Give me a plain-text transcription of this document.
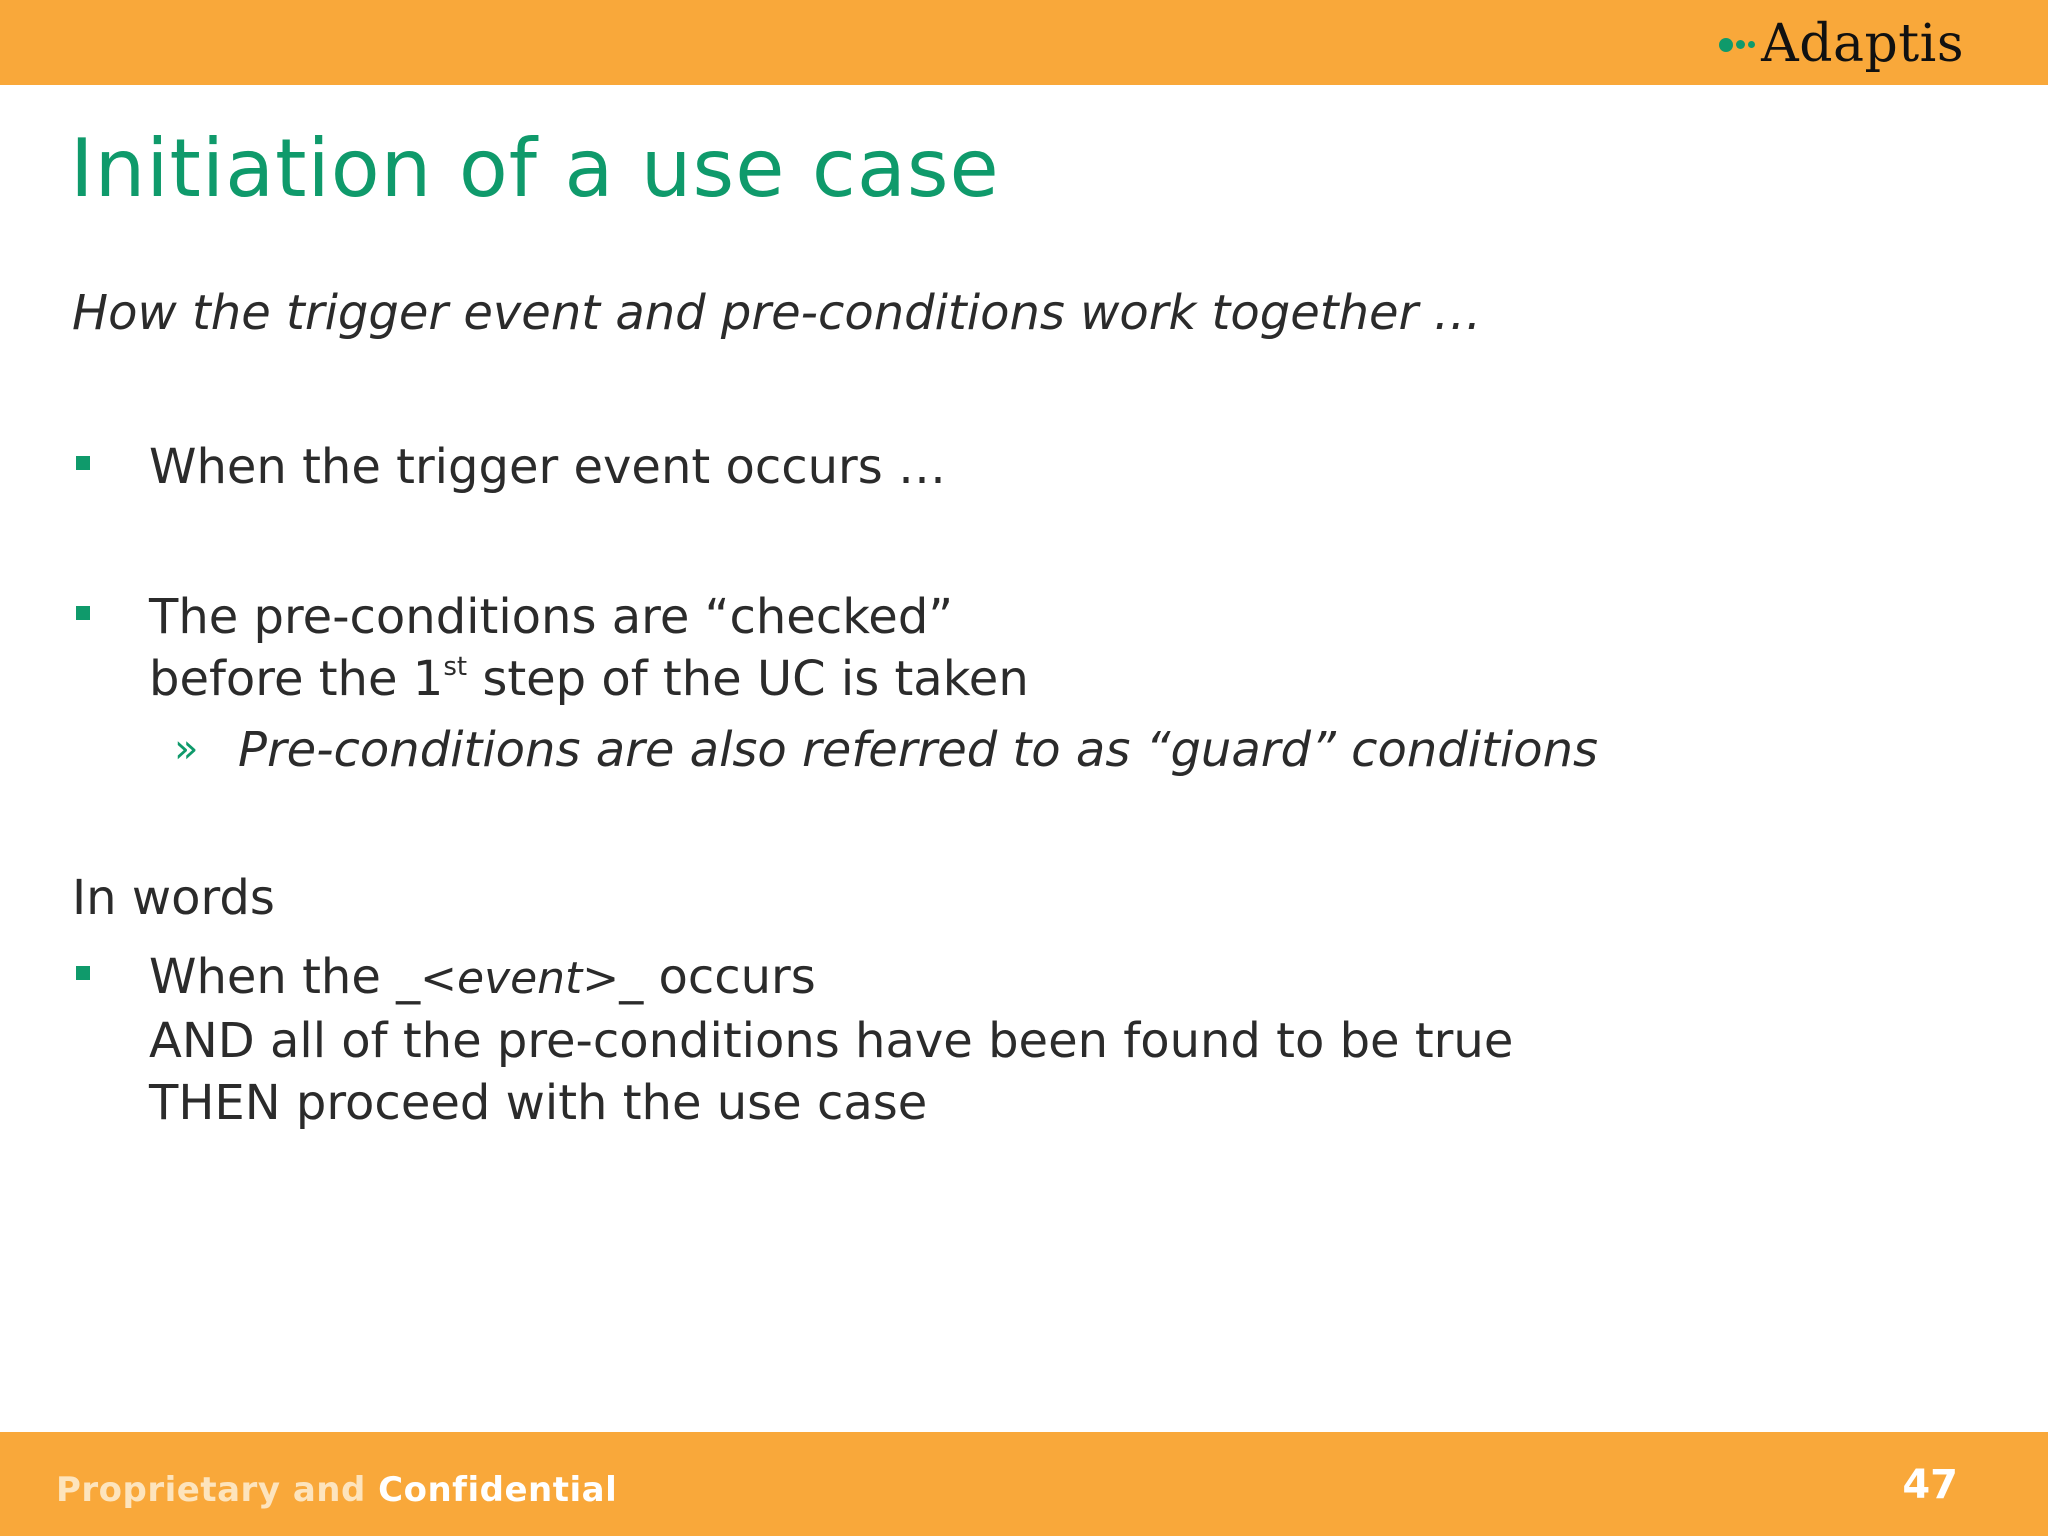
Adaptis
Initiation of a use case
How the trigger event and pre-conditions work together …
When the trigger event occurs …
The pre-conditions are “checked”
before the 1st step of the UC is taken
» Pre-conditions are also referred to as “guard” conditions
In words
When the _<event>_ occurs
AND all of the pre-conditions have been found to be true
THEN proceed with the use case
Proprietary and Confidential	47
